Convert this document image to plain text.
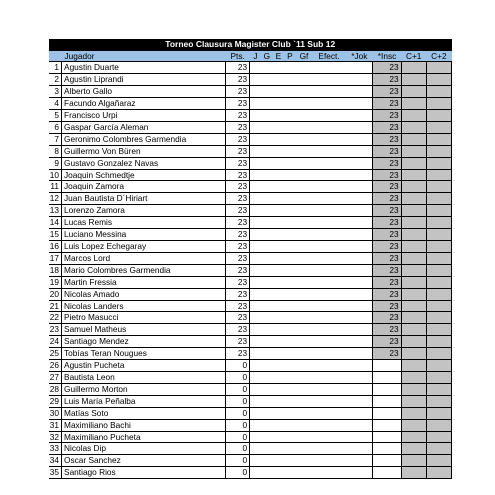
Torneo Clausura Magister Club `11 Sub 12												
	Jugador	Pts.	J	G	E	P	Gf	Efect.	*Jok	*Insc	C+1	C+2
1	Agustin Duarte	23								23		
2	Agustin Liprandi	23								23		
3	Alberto Gallo	23								23		
4	Facundo Algañaraz	23								23		
5	Francisco Urpi	23								23		
6	Gaspar García Aleman	23								23		
7	Geronimo Colombres Garmendia	23								23		
8	Guillermo Von Büren	23								23		
9	Gustavo Gonzalez Navas	23								23		
10	Joaquin Schmedtje	23								23		
11	Joaquin Zamora	23								23		
12	Juan Bautista D´Hiriart	23								23		
13	Lorenzo Zamora	23								23		
14	Lucas Remis	23								23		
15	Luciano Messina	23								23		
16	Luis Lopez Echegaray	23								23		
17	Marcos Lord	23								23		
18	Mario Colombres Garmendia	23								23		
19	Martin Fressia	23								23		
20	Nicolas Amado	23								23		
21	Nicolas Landers	23								23		
22	Pietro Masucci	23								23		
23	Samuel Matheus	23								23		
24	Santiago Mendez	23								23		
25	Tobías Teran Nougues	23								23		
26	Agustin Pucheta	0										
27	Bautista Leon	0										
28	Guillermo Morton	0										
29	Luis María Peñalba	0										
30	Matías Soto	0										
31	Maximiliano Bachi	0										
32	Maximiliano Pucheta	0										
33	Nicolas Dip	0										
34	Oscar Sanchez	0										
35	Santiago Rios	0										
